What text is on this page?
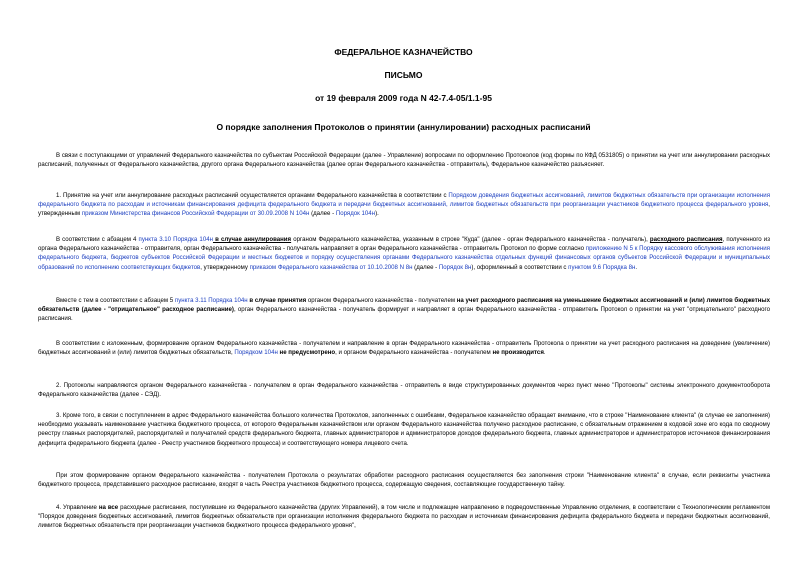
ФЕДЕРАЛЬНОЕ КАЗНАЧЕЙСТВО
ПИСЬМО
от 19 февраля 2009 года N 42-7.4-05/1.1-95
О порядке заполнения Протоколов о принятии (аннулировании) расходных расписаний

В связи с поступающими от управлений Федерального казначейства по субъектам Российской Федерации (далее - Управление) вопросами по оформлению Протоколов (код формы по КФД 0531805) о принятии на учет или аннулировании расходных расписаний, полученных от Федерального казначейства, другого органа Федерального казначейства (далее орган Федерального казначейства - отправитель), Федеральное казначейство разъясняет.

1. Принятие на учет или аннулирование расходных расписаний осуществляется органами Федерального казначейства в соответствии с Порядком доведения бюджетных ассигнований, лимитов бюджетных обязательств при организации исполнения федерального бюджета по расходам и источникам финансирования дефицита федерального бюджета и передачи бюджетных ассигнований, лимитов бюджетных обязательств при реорганизации участников бюджетного процесса федерального уровня, утвержденным приказом Министерства финансов Российской Федерации от 30.09.2008 N 104н (далее - Порядок 104н).

В соответствии с абзацем 4 пункта 3.10 Порядка 104н в случае аннулирования органом Федерального казначейства, указанным в строке "Куда" (далее - орган Федерального казначейства - получатель), расходного расписания, полученного из органа Федерального казначейства - отправителя, орган Федерального казначейства - получатель направляет в орган Федерального казначейства - отправитель Протокол по форме согласно приложению N 5 к Порядку кассового обслуживания исполнения федерального бюджета, бюджетов субъектов Российской Федерации и местных бюджетов и порядку осуществления органами Федерального казначейства отдельных функций финансовых органов субъектов Российской Федерации и муниципальных образований по исполнению соответствующих бюджетов, утвержденному приказом Федерального казначейства от 10.10.2008 N 8н (далее - Порядок 8н), оформленный в соответствии с пунктом 9.6 Порядка 8н.

Вместе с тем в соответствии с абзацем 5 пункта 3.11 Порядка 104н в случае принятия органом Федерального казначейства - получателем на учет расходного расписания на уменьшение бюджетных ассигнований и (или) лимитов бюджетных обязательств (далее - "отрицательное" расходное расписание), орган Федерального казначейства - получатель формирует и направляет в орган Федерального казначейства - отправитель Протокол о принятии на учет "отрицательного" расходного расписания.

В соответствии с изложенным, формирование органом Федерального казначейства - получателем и направление в орган Федерального казначейства - отправитель Протокола о принятии на учет расходного расписания на доведение (увеличение) бюджетных ассигнований и (или) лимитов бюджетных обязательств, Порядком 104н не предусмотрено, и органом Федерального казначейства - получателем не производится.

2. Протоколы направляются органом Федерального казначейства - получателем в орган Федерального казначейства - отправитель в виде структурированных документов через пункт меню "Протоколы" системы электронного документооборота Федерального казначейства (далее - СЭД).

3. Кроме того, в связи с поступлением в адрес Федерального казначейства большого количества Протоколов, заполненных с ошибками, Федеральное казначейство обращает внимание, что в строке "Наименование клиента" (в случае ее заполнения) необходимо указывать наименование участника бюджетного процесса, от которого Федеральным казначейством или органом Федерального казначейства получено расходное расписание, с обязательным отражением в кодовой зоне его кода по сводному реестру главных распорядителей, распорядителей и получателей средств федерального бюджета, главных администраторов и администраторов доходов федерального бюджета, главных администраторов и администраторов источников финансирования дефицита федерального бюджета (далее - Реестр участников бюджетного процесса) и соответствующего номера лицевого счета.

При этом формирование органом Федерального казначейства - получателем Протокола о результатах обработки расходного расписания осуществляется без заполнения строки "Наименование клиента" в случае, если реквизиты участника бюджетного процесса, представившего расходное расписание, входят в часть Реестра участников бюджетного процесса, содержащую сведения, составляющие государственную тайну.

4. Управление на все расходные расписания, поступившие из Федерального казначейства (других Управлений), в том числе и подлежащие направлению в подведомственные Управлению отделения, в соответствии с Технологическим регламентом "Порядок доведения бюджетных ассигнований, лимитов бюджетных обязательств при организации исполнения федерального бюджета по расходам и источникам финансирования дефицита федерального бюджета и передачи бюджетных ассигнований, лимитов бюджетных обязательств при реорганизации участников бюджетного процесса федерального уровня",
